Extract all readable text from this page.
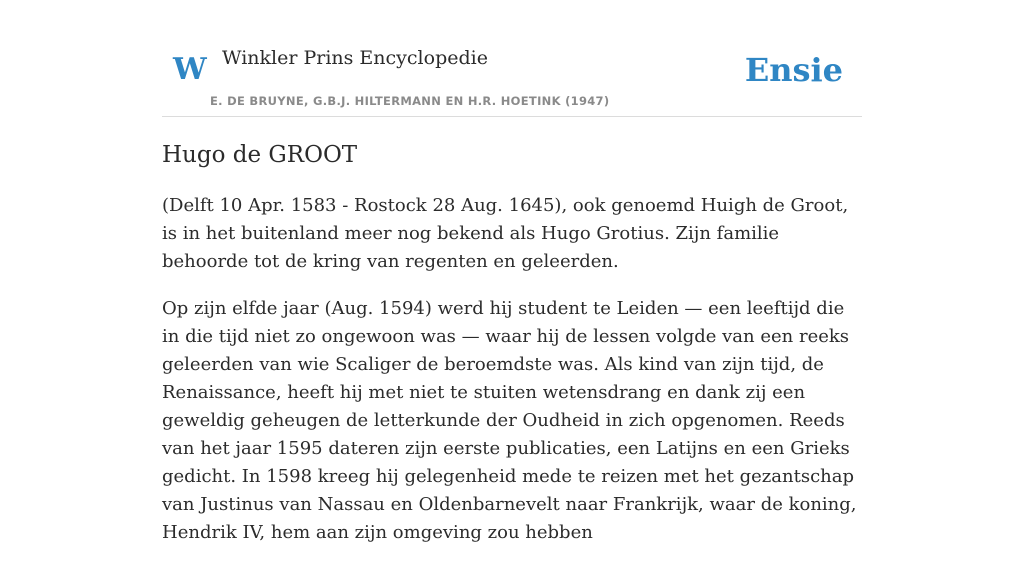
W Winkler Prins Encyclopedie
E. DE BRUYNE, G.B.J. HILTERMANN EN H.R. HOETINK (1947)
Ensie
Hugo de GROOT

(Delft 10 Apr. 1583 - Rostock 28 Aug. 1645), ook genoemd Huigh de Groot, is in het buitenland meer nog bekend als Hugo Grotius. Zijn familie behoorde tot de kring van regenten en geleerden.

Op zijn elfde jaar (Aug. 1594) werd hij student te Leiden — een leeftijd die in die tijd niet zo ongewoon was — waar hij de lessen volgde van een reeks geleerden van wie Scaliger de beroemdste was. Als kind van zijn tijd, de Renaissance, heeft hij met niet te stuiten wetensdrang en dank zij een geweldig geheugen de letterkunde der Oudheid in zich opgenomen. Reeds van het jaar 1595 dateren zijn eerste publicaties, een Latijns en een Grieks gedicht. In 1598 kreeg hij gelegenheid mede te reizen met het gezantschap van Justinus van Nassau en Oldenbarnevelt naar Frankrijk, waar de koning, Hendrik IV, hem aan zijn omgeving zou hebben
